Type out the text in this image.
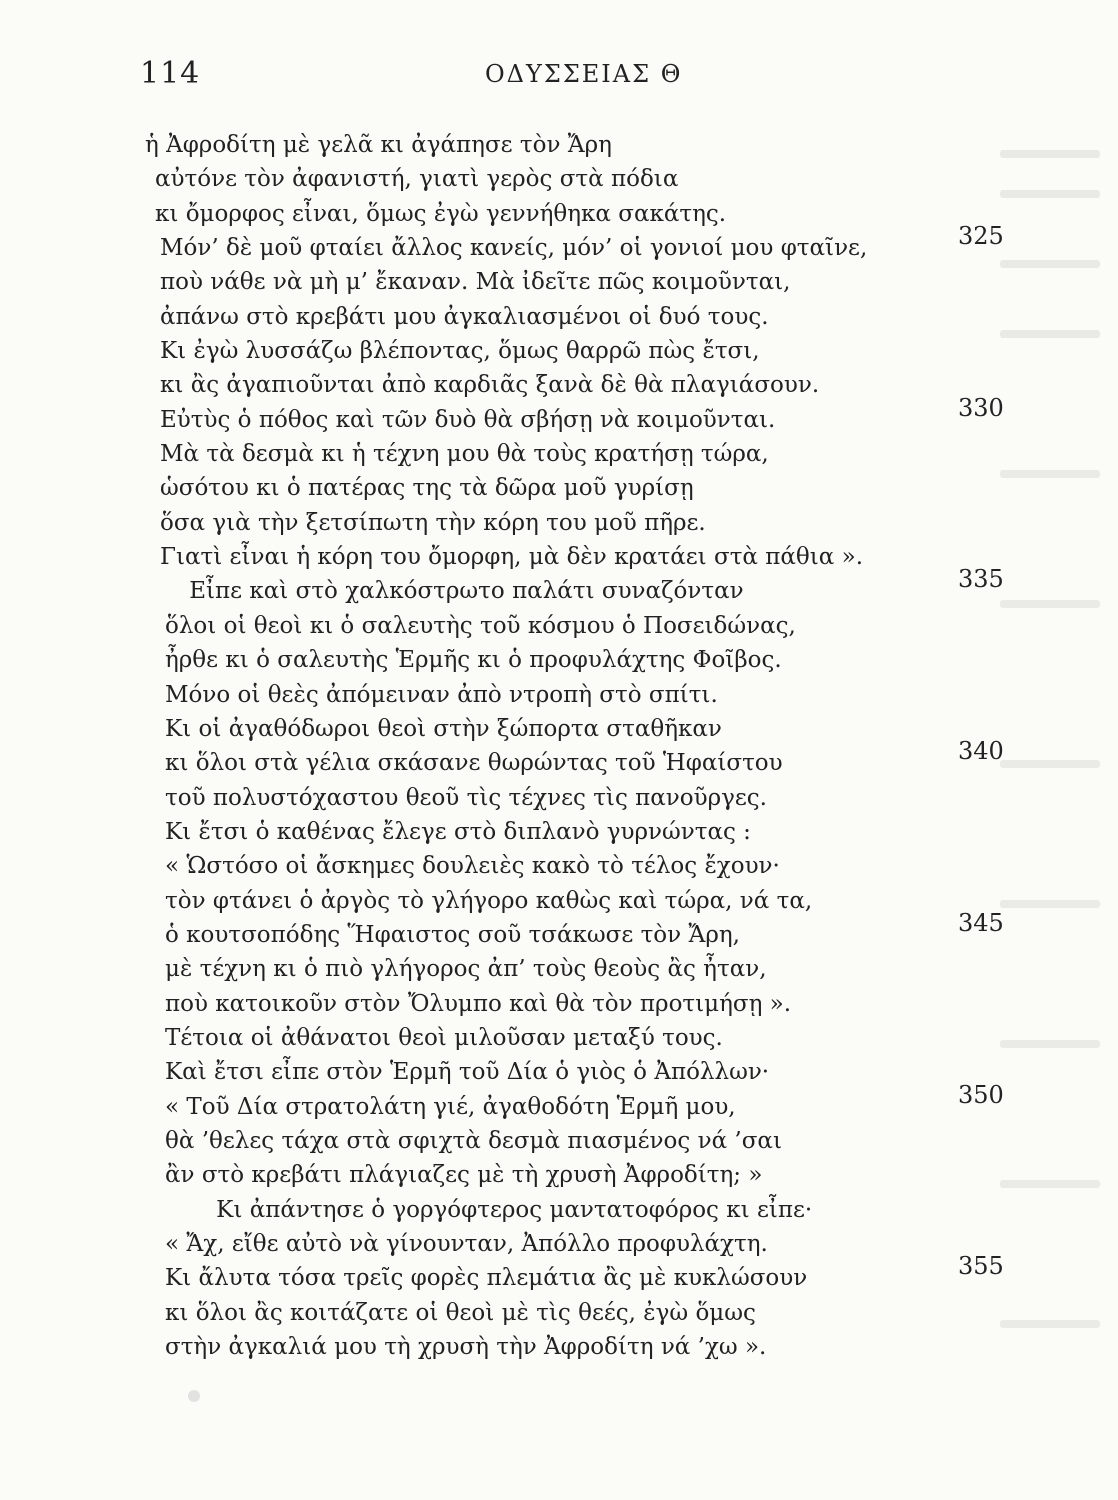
114	ΟΔΥΣΣΕΙΑΣ Θ
ἡ Ἀφροδίτη μὲ γελᾶ κι ἀγάπησε τὸν Ἄρη
αὐτόνε τὸν ἀφανιστή, γιατὶ γερὸς στὰ πόδια
κι ὄμορφος εἶναι, ὅμως ἐγὼ γεννήθηκα σακάτης.
Μόν’ δὲ μοῦ φταίει ἄλλος κανείς, μόν’ οἱ γονιοί μου φταῖνε,	325
ποὺ νάθε νὰ μὴ μ’ ἔκαναν. Μὰ ἰδεῖτε πῶς κοιμοῦνται,
ἀπάνω στὸ κρεβάτι μου ἀγκαλιασμένοι οἱ δυό τους.
Κι ἐγὼ λυσσάζω βλέποντας, ὅμως θαρρῶ πὼς ἔτσι,
κι ἂς ἀγαπιοῦνται ἀπὸ καρδιᾶς ξανὰ δὲ θὰ πλαγιάσουν.
Εὐτὺς ὁ πόθος καὶ τῶν δυὸ θὰ σβήσῃ νὰ κοιμοῦνται.	330
Μὰ τὰ δεσμὰ κι ἡ τέχνη μου θὰ τοὺς κρατήσῃ τώρα,
ὡσότου κι ὁ πατέρας της τὰ δῶρα μοῦ γυρίσῃ
ὅσα γιὰ τὴν ξετσίπωτη τὴν κόρη του μοῦ πῆρε.
Γιατὶ εἶναι ἡ κόρη του ὄμορφη, μὰ δὲν κρατάει στὰ πάθια ».
Εἶπε καὶ στὸ χαλκόστρωτο παλάτι συναζόνταν	335
ὅλοι οἱ θεοὶ κι ὁ σαλευτὴς τοῦ κόσμου ὁ Ποσειδώνας,
ἦρθε κι ὁ σαλευτὴς Ἑρμῆς κι ὁ προφυλάχτης Φοῖβος.
Μόνο οἱ θεὲς ἀπόμειναν ἀπὸ ντροπὴ στὸ σπίτι.
Κι οἱ ἀγαθόδωροι θεοὶ στὴν ξώπορτα σταθῆκαν
κι ὅλοι στὰ γέλια σκάσανε θωρώντας τοῦ Ἡφαίστου	340
τοῦ πολυστόχαστου θεοῦ τὶς τέχνες τὶς πανοῦργες.
Κι ἔτσι ὁ καθένας ἔλεγε στὸ διπλανὸ γυρνώντας :
« Ὡστόσο οἱ ἄσκημες δουλειὲς κακὸ τὸ τέλος ἔχουν·
τὸν φτάνει ὁ ἀργὸς τὸ γλήγορο καθὼς καὶ τώρα, νά τα,
ὁ κουτσοπόδης Ἥφαιστος σοῦ τσάκωσε τὸν Ἄρη,	345
μὲ τέχνη κι ὁ πιὸ γλήγορος ἀπ’ τοὺς θεοὺς ἂς ἦταν,
ποὺ κατοικοῦν στὸν Ὄλυμπο καὶ θὰ τὸν προτιμήσῃ ».
Τέτοια οἱ ἀθάνατοι θεοὶ μιλοῦσαν μεταξύ τους.
Καὶ ἔτσι εἶπε στὸν Ἑρμῆ τοῦ Δία ὁ γιὸς ὁ Ἀπόλλων·
« Τοῦ Δία στρατολάτη γιέ, ἀγαθοδότη Ἑρμῆ μου,	350
θὰ ’θελες τάχα στὰ σφιχτὰ δεσμὰ πιασμένος νά ’σαι
ἂν στὸ κρεβάτι πλάγιαζες μὲ τὴ χρυσὴ Ἀφροδίτη; »
Κι ἀπάντησε ὁ γοργόφτερος μαντατοφόρος κι εἶπε·
« Ἄχ, εἴθε αὐτὸ νὰ γίνουνταν, Ἀπόλλο προφυλάχτη.
Κι ἄλυτα τόσα τρεῖς φορὲς πλεμάτια ἂς μὲ κυκλώσουν	355
κι ὅλοι ἂς κοιτάζατε οἱ θεοὶ μὲ τὶς θεές, ἐγὼ ὅμως
στὴν ἀγκαλιά μου τὴ χρυσὴ τὴν Ἀφροδίτη νά ’χω ».
